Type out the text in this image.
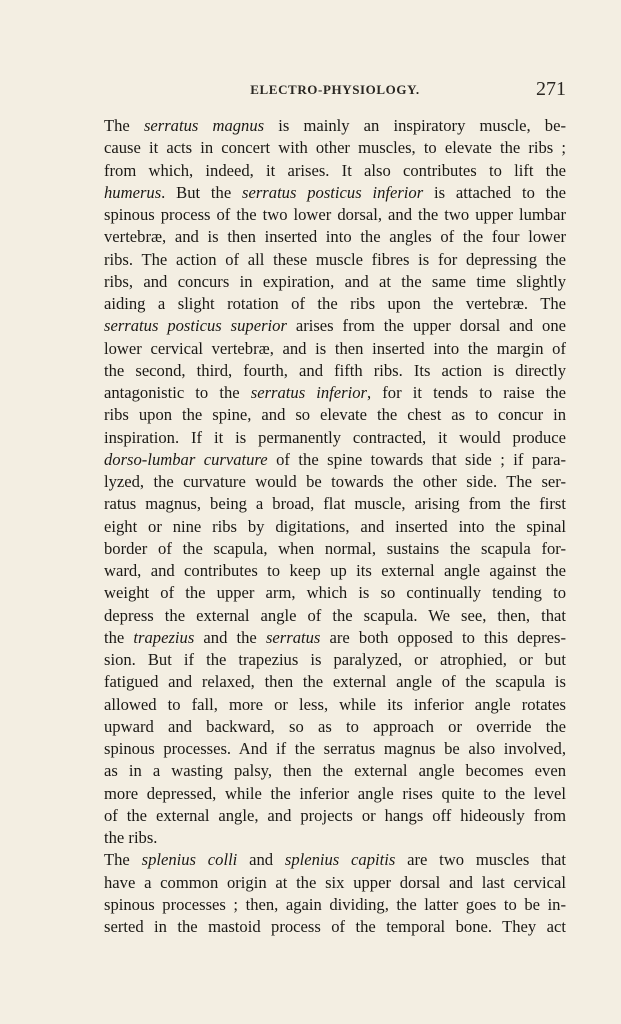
ELECTRO-PHYSIOLOGY.	271
The serratus magnus is mainly an inspiratory muscle, be-
cause it acts in concert with other muscles, to elevate the ribs ;
from which, indeed, it arises. It also contributes to lift the
humerus. But the serratus posticus inferior is attached to the
spinous process of the two lower dorsal, and the two upper lumbar
vertebræ, and is then inserted into the angles of the four lower
ribs. The action of all these muscle fibres is for depressing the
ribs, and concurs in expiration, and at the same time slightly
aiding a slight rotation of the ribs upon the vertebræ. The
serratus posticus superior arises from the upper dorsal and one
lower cervical vertebræ, and is then inserted into the margin of
the second, third, fourth, and fifth ribs. Its action is directly
antagonistic to the serratus inferior, for it tends to raise the
ribs upon the spine, and so elevate the chest as to concur in
inspiration. If it is permanently contracted, it would produce
dorso-lumbar curvature of the spine towards that side ; if para-
lyzed, the curvature would be towards the other side. The ser-
ratus magnus, being a broad, flat muscle, arising from the first
eight or nine ribs by digitations, and inserted into the spinal
border of the scapula, when normal, sustains the scapula for-
ward, and contributes to keep up its external angle against the
weight of the upper arm, which is so continually tending to
depress the external angle of the scapula. We see, then, that
the trapezius and the serratus are both opposed to this depres-
sion. But if the trapezius is paralyzed, or atrophied, or but
fatigued and relaxed, then the external angle of the scapula is
allowed to fall, more or less, while its inferior angle rotates
upward and backward, so as to approach or override the
spinous processes. And if the serratus magnus be also involved,
as in a wasting palsy, then the external angle becomes even
more depressed, while the inferior angle rises quite to the level
of the external angle, and projects or hangs off hideously from
the ribs.
The splenius colli and splenius capitis are two muscles that
have a common origin at the six upper dorsal and last cervical
spinous processes ; then, again dividing, the latter goes to be in-
serted in the mastoid process of the temporal bone. They act
